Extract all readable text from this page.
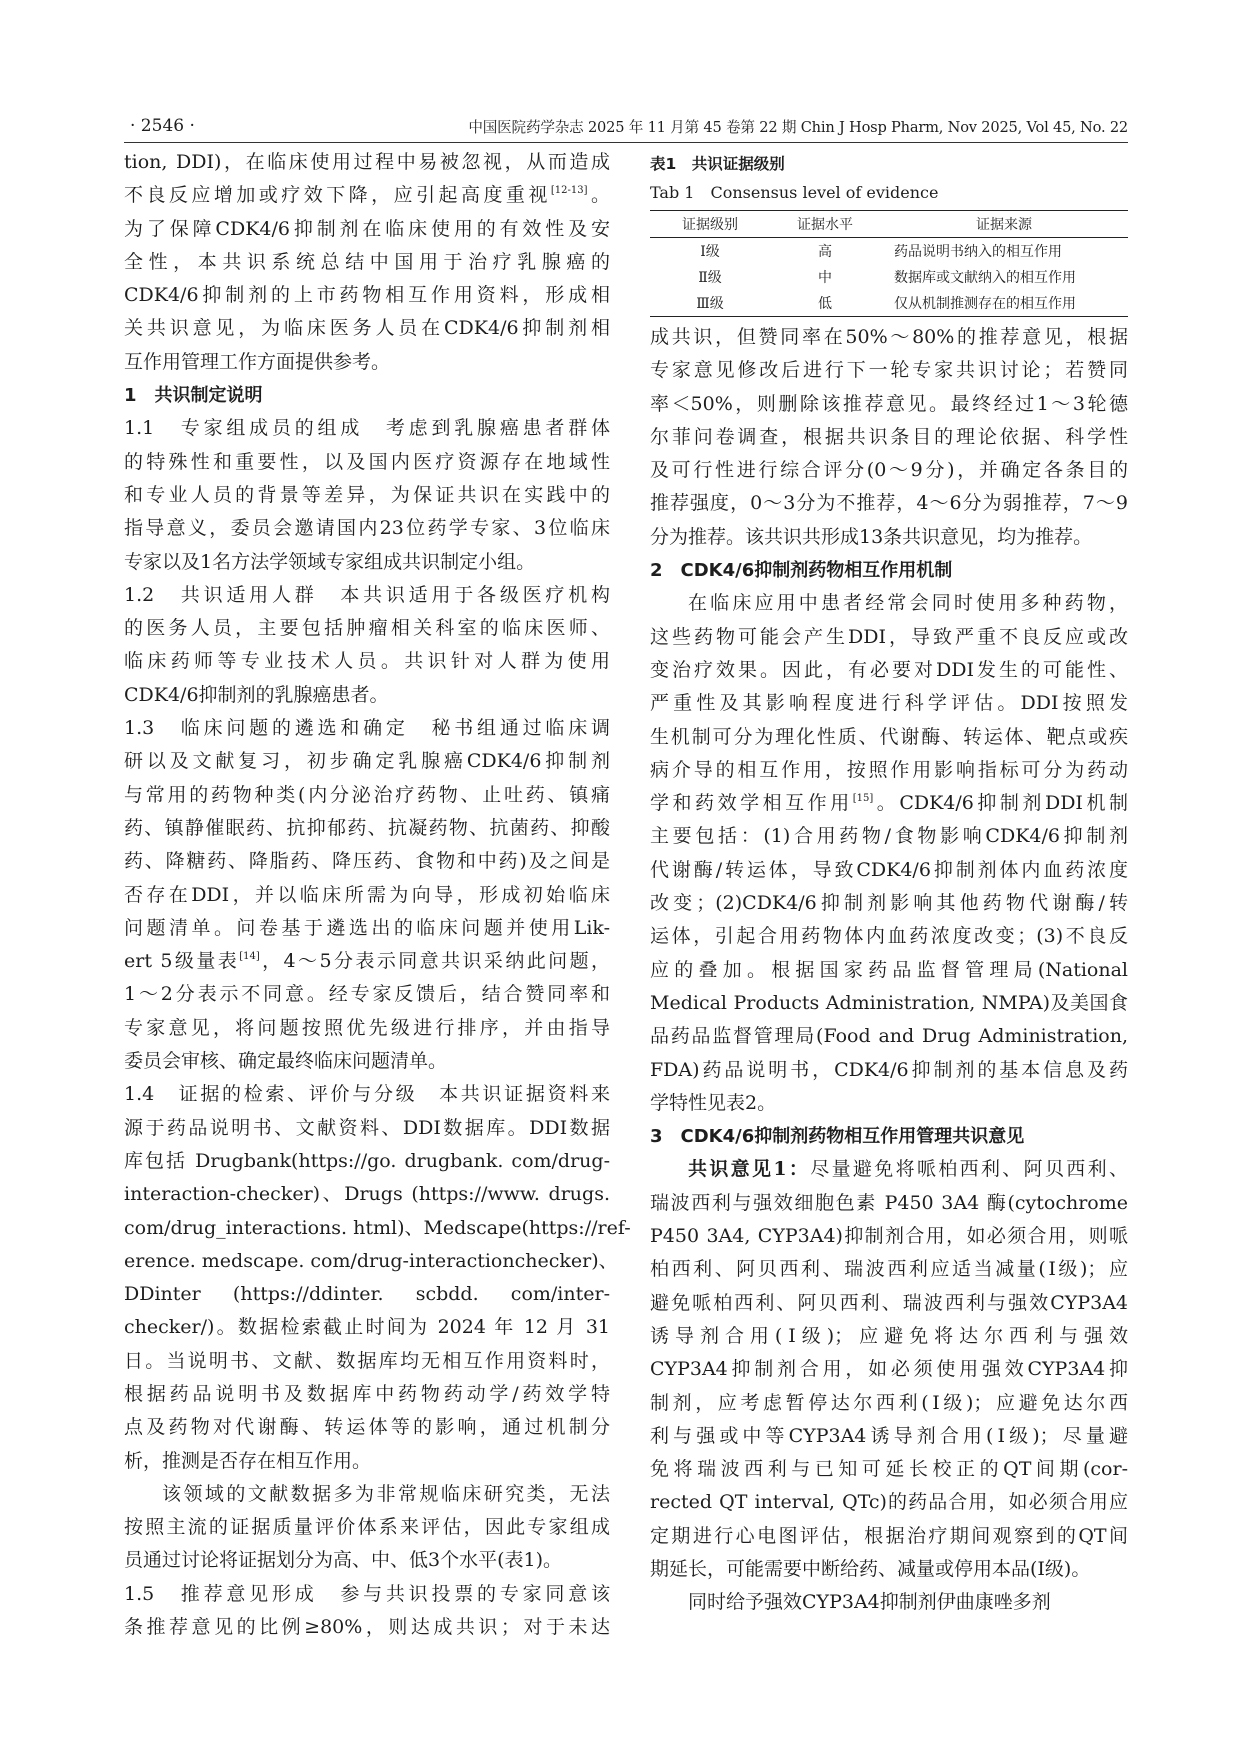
· 2546 ·	中国医院药学杂志 2025 年 11 月第 45 卷第 22 期 Chin J Hosp Pharm, Nov 2025, Vol 45, No. 22

tion, DDI)，在临床使用过程中易被忽视，从而造成
不良反应增加或疗效下降，应引起高度重视[12-13]。
为了保障CDK4/6抑制剂在临床使用的有效性及安
全性，本共识系统总结中国用于治疗乳腺癌的
CDK4/6抑制剂的上市药物相互作用资料，形成相
关共识意见，为临床医务人员在CDK4/6抑制剂相
互作用管理工作方面提供参考。

1　共识制定说明

1.1　专家组成员的组成　考虑到乳腺癌患者群体
的特殊性和重要性，以及国内医疗资源存在地域性
和专业人员的背景等差异，为保证共识在实践中的
指导意义，委员会邀请国内23位药学专家、3位临床
专家以及1名方法学领域专家组成共识制定小组。

1.2　共识适用人群　本共识适用于各级医疗机构
的医务人员，主要包括肿瘤相关科室的临床医师、
临床药师等专业技术人员。共识针对人群为使用
CDK4/6抑制剂的乳腺癌患者。

1.3　临床问题的遴选和确定　秘书组通过临床调
研以及文献复习，初步确定乳腺癌CDK4/6抑制剂
与常用的药物种类(内分泌治疗药物、止吐药、镇痛
药、镇静催眠药、抗抑郁药、抗凝药物、抗菌药、抑酸
药、降糖药、降脂药、降压药、食物和中药)及之间是
否存在DDI，并以临床所需为向导，形成初始临床
问题清单。问卷基于遴选出的临床问题并使用Lik-
ert 5级量表[14]，4～5分表示同意共识采纳此问题，
1～2分表示不同意。经专家反馈后，结合赞同率和
专家意见，将问题按照优先级进行排序，并由指导
委员会审核、确定最终临床问题清单。

1.4　证据的检索、评价与分级　本共识证据资料来
源于药品说明书、文献资料、DDI数据库。DDI数据
库包括 Drugbank(https://go. drugbank. com/drug-
interaction-checker)、Drugs (https://www. drugs.
com/drug_interactions. html)、Medscape(https://ref-
erence. medscape. com/drug-interactionchecker)、
DDinter　(https://ddinter.　scbdd.　com/inter-
checker/)。数据检索截止时间为 2024 年 12 月 31
日。当说明书、文献、数据库均无相互作用资料时，
根据药品说明书及数据库中药物药动学/药效学特
点及药物对代谢酶、转运体等的影响，通过机制分
析，推测是否存在相互作用。

该领域的文献数据多为非常规临床研究类，无法
按照主流的证据质量评价体系来评估，因此专家组成
员通过讨论将证据划分为高、中、低3个水平(表1)。

1.5　推荐意见形成　参与共识投票的专家同意该
条推荐意见的比例≥80%，则达成共识；对于未达

表1　共识证据级别
Tab 1　Consensus level of evidence
证据级别	证据水平	证据来源
Ⅰ级	高	药品说明书纳入的相互作用
Ⅱ级	中	数据库或文献纳入的相互作用
Ⅲ级	低	仅从机制推测存在的相互作用

成共识，但赞同率在50%～80%的推荐意见，根据
专家意见修改后进行下一轮专家共识讨论；若赞同
率＜50%，则删除该推荐意见。最终经过1～3轮德
尔菲问卷调查，根据共识条目的理论依据、科学性
及可行性进行综合评分(0～9分)，并确定各条目的
推荐强度，0～3分为不推荐，4～6分为弱推荐，7～9
分为推荐。该共识共形成13条共识意见，均为推荐。

2　CDK4/6抑制剂药物相互作用机制

在临床应用中患者经常会同时使用多种药物，
这些药物可能会产生DDI，导致严重不良反应或改
变治疗效果。因此，有必要对DDI发生的可能性、
严重性及其影响程度进行科学评估。DDI按照发
生机制可分为理化性质、代谢酶、转运体、靶点或疾
病介导的相互作用，按照作用影响指标可分为药动
学和药效学相互作用[15]。CDK4/6抑制剂DDI机制
主要包括：(1)合用药物/食物影响CDK4/6抑制剂
代谢酶/转运体，导致CDK4/6抑制剂体内血药浓度
改变；(2)CDK4/6抑制剂影响其他药物代谢酶/转
运体，引起合用药物体内血药浓度改变；(3)不良反
应的叠加。根据国家药品监督管理局(National
Medical Products Administration, NMPA)及美国食
品药品监督管理局(Food and Drug Administration,
FDA)药品说明书，CDK4/6抑制剂的基本信息及药
学特性见表2。

3　CDK4/6抑制剂药物相互作用管理共识意见

共识意见1：尽量避免将哌柏西利、阿贝西利、
瑞波西利与强效细胞色素 P450 3A4 酶(cytochrome
P450 3A4, CYP3A4)抑制剂合用，如必须合用，则哌
柏西利、阿贝西利、瑞波西利应适当减量(Ⅰ级)；应
避免哌柏西利、阿贝西利、瑞波西利与强效CYP3A4
诱导剂合用(Ⅰ级)；应避免将达尔西利与强效
CYP3A4抑制剂合用，如必须使用强效CYP3A4抑
制剂，应考虑暂停达尔西利(Ⅰ级)；应避免达尔西
利与强或中等CYP3A4诱导剂合用(Ⅰ级)；尽量避
免将瑞波西利与已知可延长校正的QT间期(cor-
rected QT interval, QTc)的药品合用，如必须合用应
定期进行心电图评估，根据治疗期间观察到的QT间
期延长，可能需要中断给药、减量或停用本品(Ⅰ级)。

同时给予强效CYP3A4抑制剂伊曲康唑多剂
